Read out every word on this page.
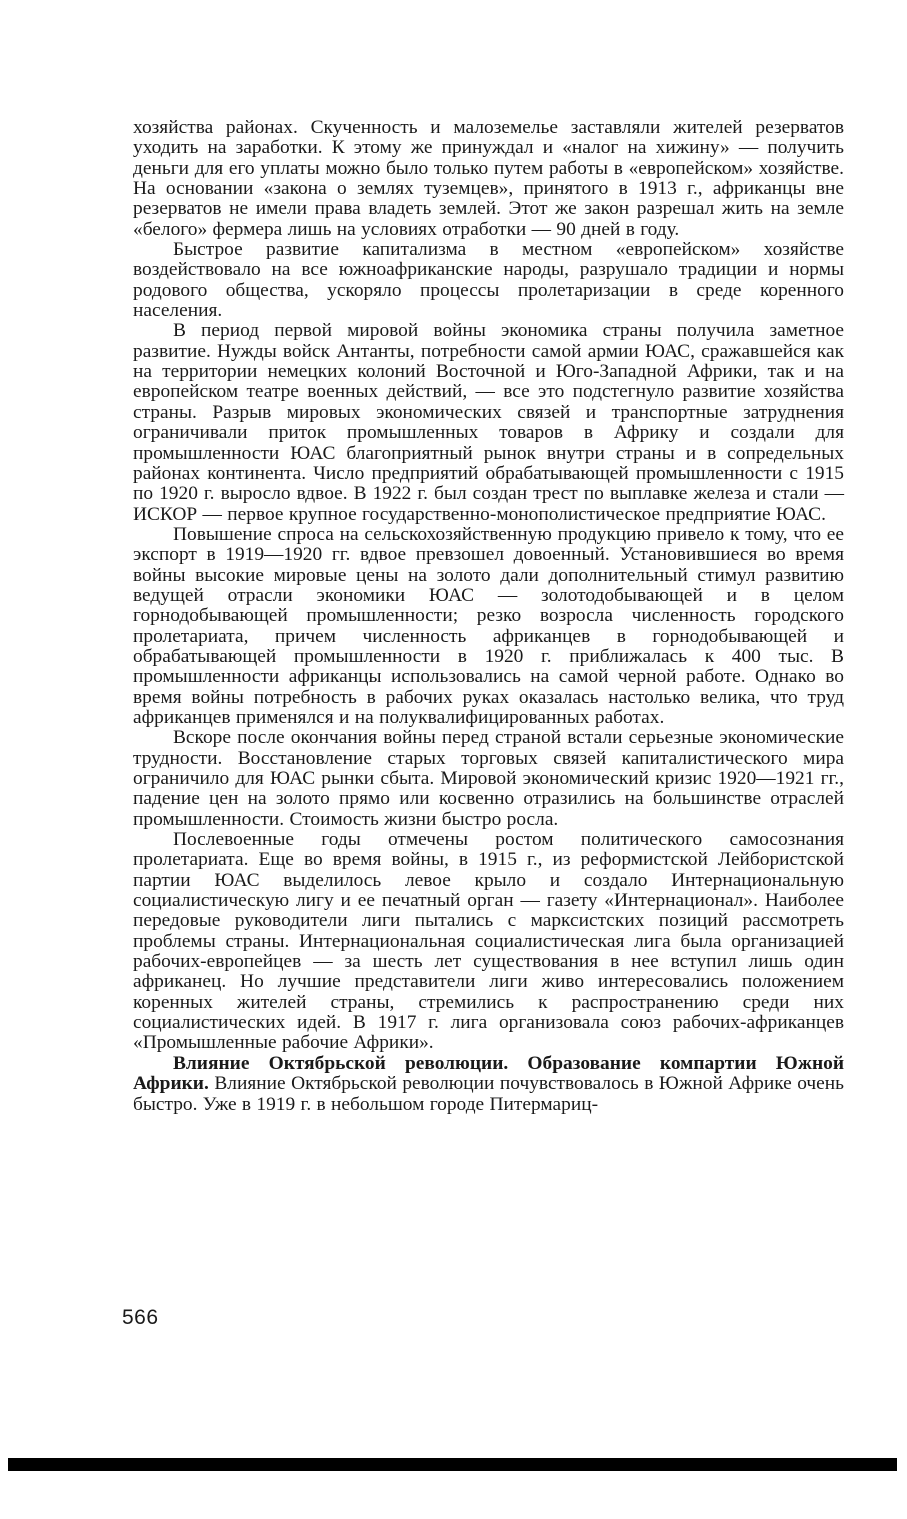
хозяйства районах. Скученность и малоземелье заставляли жителей резерватов уходить на заработки. К этому же принуждал и «налог на хижину» — получить деньги для его уплаты можно было только путем работы в «европейском» хозяйстве. На основании «закона о землях туземцев», принятого в 1913 г., африканцы вне резерватов не имели права владеть землей. Этот же закон разрешал жить на земле «белого» фермера лишь на условиях отработки — 90 дней в году.

Быстрое развитие капитализма в местном «европейском» хозяйстве воздействовало на все южноафриканские народы, разрушало традиции и нормы родового общества, ускоряло процессы пролетаризации в среде коренного населения.

В период первой мировой войны экономика страны получила заметное развитие. Нужды войск Антанты, потребности самой армии ЮАС, сражавшейся как на территории немецких колоний Восточной и Юго-Западной Африки, так и на европейском театре военных действий, — все это подстегнуло развитие хозяйства страны. Разрыв мировых экономических связей и транспортные затруднения ограничивали приток промышленных товаров в Африку и создали для промышленности ЮАС благоприятный рынок внутри страны и в сопредельных районах континента. Число предприятий обрабатывающей промышленности с 1915 по 1920 г. выросло вдвое. В 1922 г. был создан трест по выплавке железа и стали — ИСКОР — первое крупное государственно-монополистическое предприятие ЮАС.

Повышение спроса на сельскохозяйственную продукцию привело к тому, что ее экспорт в 1919—1920 гг. вдвое превзошел довоенный. Установившиеся во время войны высокие мировые цены на золото дали дополнительный стимул развитию ведущей отрасли экономики ЮАС — золотодобывающей и в целом горнодобывающей промышленности; резко возросла численность городского пролетариата, причем численность африканцев в горнодобывающей и обрабатывающей промышленности в 1920 г. приближалась к 400 тыс. В промышленности африканцы использовались на самой черной работе. Однако во время войны потребность в рабочих руках оказалась настолько велика, что труд африканцев применялся и на полуквалифицированных работах.

Вскоре после окончания войны перед страной встали серьезные экономические трудности. Восстановление старых торговых связей капиталистического мира ограничило для ЮАС рынки сбыта. Мировой экономический кризис 1920—1921 гг., падение цен на золото прямо или косвенно отразились на большинстве отраслей промышленности. Стоимость жизни быстро росла.

Послевоенные годы отмечены ростом политического самосознания пролетариата. Еще во время войны, в 1915 г., из реформистской Лейбористской партии ЮАС выделилось левое крыло и создало Интернациональную социалистическую лигу и ее печатный орган — газету «Интернационал». Наиболее передовые руководители лиги пытались с марксистских позиций рассмотреть проблемы страны. Интернациональная социалистическая лига была организацией рабочих-европейцев — за шесть лет существования в нее вступил лишь один африканец. Но лучшие представители лиги живо интересовались положением коренных жителей страны, стремились к распространению среди них социалистических идей. В 1917 г. лига организовала союз рабочих-африканцев «Промышленные рабочие Африки».

Влияние Октябрьской революции. Образование компартии Южной Африки. Влияние Октябрьской революции почувствовалось в Южной Африке очень быстро. Уже в 1919 г. в небольшом городе Питермариц-

566
